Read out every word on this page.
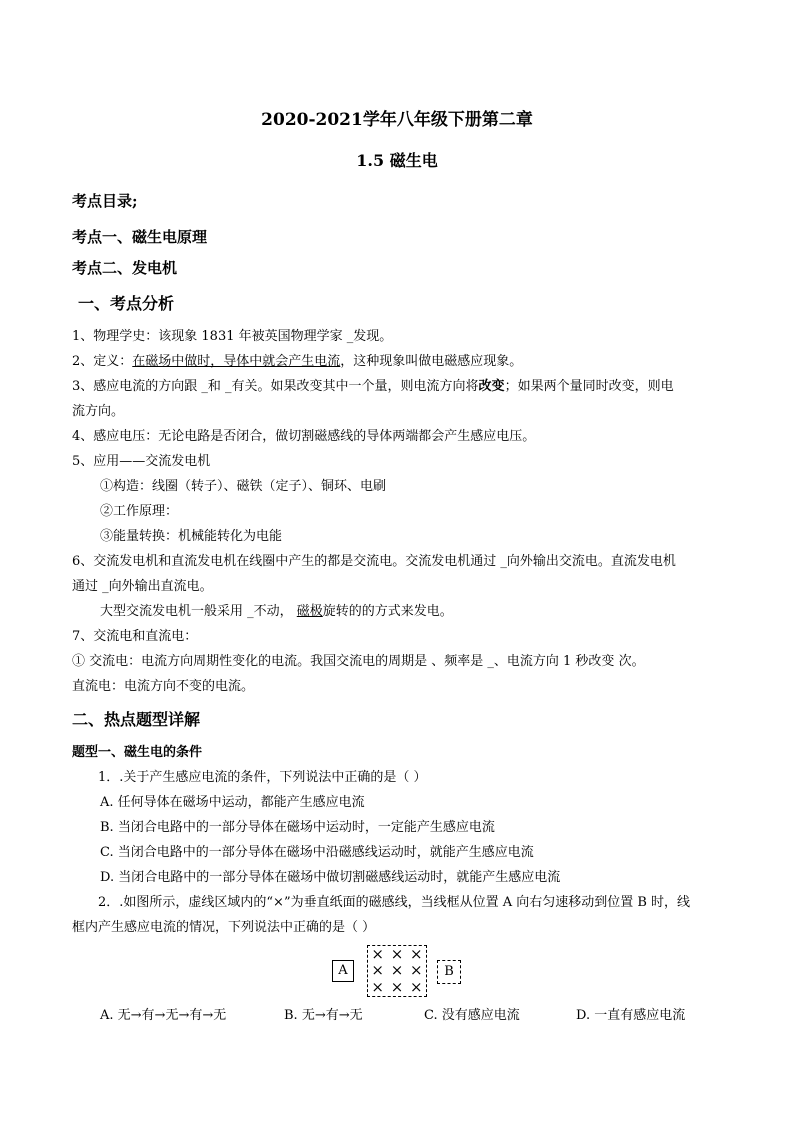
2020-2021学年八年级下册第二章
1.5 磁生电
考点目录;
考点一、磁生电原理
考点二、发电机
一、考点分析
1、物理学史：该现象 1831 年被英国物理学家 _发现。
2、定义：在磁场中做时，导体中就会产生电流，这种现象叫做电磁感应现象。
3、感应电流的方向跟 _和 _有关。如果改变其中一个量，则电流方向将改变；如果两个量同时改变，则电
流方向。
4、感应电压：无论电路是否闭合，做切割磁感线的导体两端都会产生感应电压。
5、应用——交流发电机
①构造：线圈（转子）、磁铁（定子）、铜环、电刷
②工作原理：
③能量转换：机械能转化为电能
6、交流发电机和直流发电机在线圈中产生的都是交流电。交流发电机通过 _向外输出交流电。直流发电机
通过 _向外输出直流电。
大型交流发电机一般采用 _不动， 磁极旋转的的方式来发电。
7、交流电和直流电：
① 交流电：电流方向周期性变化的电流。我国交流电的周期是 、频率是 _、电流方向 1 秒改变 次。
直流电：电流方向不变的电流。
二、热点题型详解
题型一、磁生电的条件
1．.关于产生感应电流的条件，下列说法中正确的是（ ）
A. 任何导体在磁场中运动，都能产生感应电流
B. 当闭合电路中的一部分导体在磁场中运动时，一定能产生感应电流
C. 当闭合电路中的一部分导体在磁场中沿磁感线运动时，就能产生感应电流
D. 当闭合电路中的一部分导体在磁场中做切割磁感线运动时，就能产生感应电流
2．.如图所示，虚线区域内的“×”为垂直纸面的磁感线，当线框从位置 A 向右匀速移动到位置 B 时，线
框内产生感应电流的情况，下列说法中正确的是（ ）
A
× × ×
× × ×
× × ×
B
A. 无→有→无→有→无	B. 无→有→无	C. 没有感应电流	D. 一直有感应电流
